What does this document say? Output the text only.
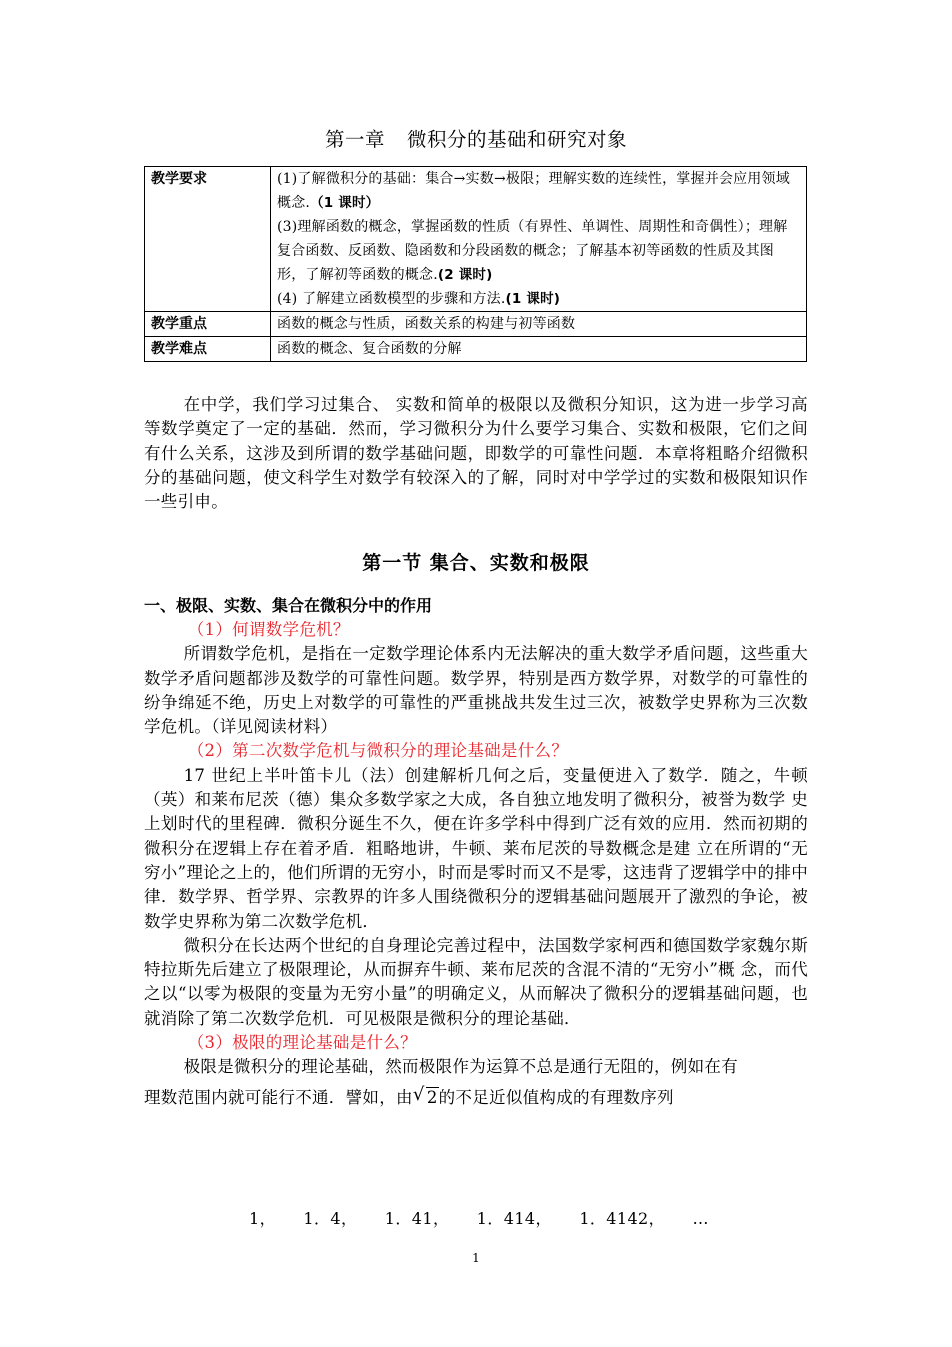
第一章 微积分的基础和研究对象
教学要求	(1)了解微积分的基础：集合→实数→极限；理解实数的连续性，掌握并会应用领域概念.（1 课时）
(3)理解函数的概念，掌握函数的性质（有界性、单调性、周期性和奇偶性）；理解复合函数、反函数、隐函数和分段函数的概念；了解基本初等函数的性质及其图形，了解初等函数的概念.(2 课时)
(4) 了解建立函数模型的步骤和方法.(1 课时)

教学重点	函数的概念与性质，函数关系的构建与初等函数
教学难点	函数的概念、复合函数的分解

在中学，我们学习过集合、 实数和简单的极限以及微积分知识，这为进一步学习高等数学奠定了一定的基础．然而，学习微积分为什么要学习集合、实数和极限，它们之间有什么关系，这涉及到所谓的数学基础问题，即数学的可靠性问题．本章将粗略介绍微积分的基础问题，使文科学生对数学有较深入的了解，同时对中学学过的实数和极限知识作一些引申。

第一节 集合、实数和极限
一、极限、实数、集合在微积分中的作用

（1）何谓数学危机？

所谓数学危机，是指在一定数学理论体系内无法解决的重大数学矛盾问题，这些重大数学矛盾问题都涉及数学的可靠性问题。数学界，特别是西方数学界，对数学的可靠性的纷争绵延不绝，历史上对数学的可靠性的严重挑战共发生过三次，被数学史界称为三次数学危机。（详见阅读材料）

（2）第二次数学危机与微积分的理论基础是什么？

17 世纪上半叶笛卡儿（法）创建解析几何之后，变量便进入了数学．随之，牛顿（英）和莱布尼茨（德）集众多数学家之大成，各自独立地发明了微积分，被誉为数学 史上划时代的里程碑．微积分诞生不久，便在许多学科中得到广泛有效的应用．然而初期的微积分在逻辑上存在着矛盾．粗略地讲，牛顿、莱布尼茨的导数概念是建 立在所谓的“无穷小”理论之上的，他们所谓的无穷小，时而是零时而又不是零，这违背了逻辑学中的排中律．数学界、哲学界、宗教界的许多人围绕微积分的逻辑基础问题展开了激烈的争论，被数学史界称为第二次数学危机．

微积分在长达两个世纪的自身理论完善过程中，法国数学家柯西和德国数学家魏尔斯特拉斯先后建立了极限理论，从而摒弃牛顿、莱布尼茨的含混不清的“无穷小”概 念，而代之以“以零为极限的变量为无穷小量”的明确定义，从而解决了微积分的逻辑基础问题，也就消除了第二次数学危机．可见极限是微积分的理论基础．

（3）极限的理论基础是什么？

极限是微积分的理论基础，然而极限作为运算不总是通行无阻的，例如在有

理数范围内就可能行不通．譬如，由 √ 2的不足近似值构成的有理数序列

1，     1．4，     1．41，     1．414，     1．4142，     …
1
